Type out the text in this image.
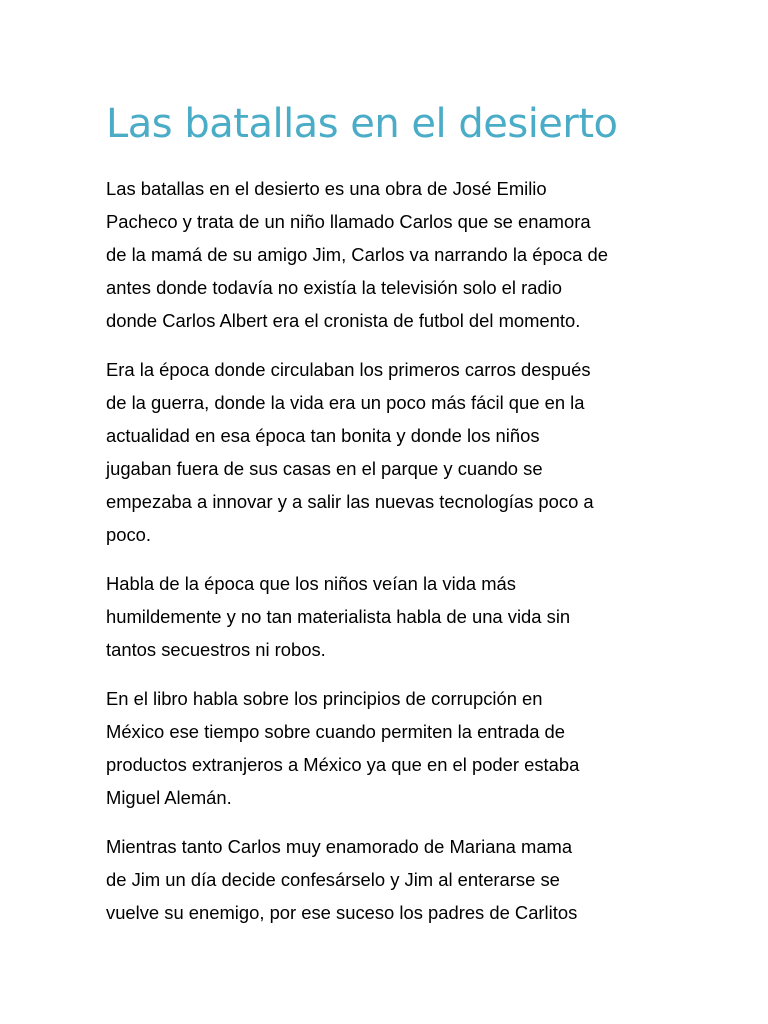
Las batallas en el desierto

Las batallas en el desierto es una obra de José Emilio
Pacheco y trata de un niño llamado Carlos que se enamora
de la mamá de su amigo Jim, Carlos va narrando la época de
antes donde todavía no existía la televisión solo el radio
donde Carlos Albert era el cronista de futbol del momento.

Era la época donde circulaban los primeros carros después
de la guerra, donde la vida era un poco más fácil que en la
actualidad en esa época tan bonita y donde los niños
jugaban fuera de sus casas en el parque y cuando se
empezaba a innovar y a salir las nuevas tecnologías poco a
poco.

Habla de la época que los niños veían la vida más
humildemente y no tan materialista habla de una vida sin
tantos secuestros ni robos.

En el libro habla sobre los principios de corrupción en
México ese tiempo sobre cuando permiten la entrada de
productos extranjeros a México ya que en el poder estaba
Miguel Alemán.

Mientras tanto Carlos muy enamorado de Mariana mama
de Jim un día decide confesárselo y Jim al enterarse se
vuelve su enemigo, por ese suceso los padres de Carlitos
